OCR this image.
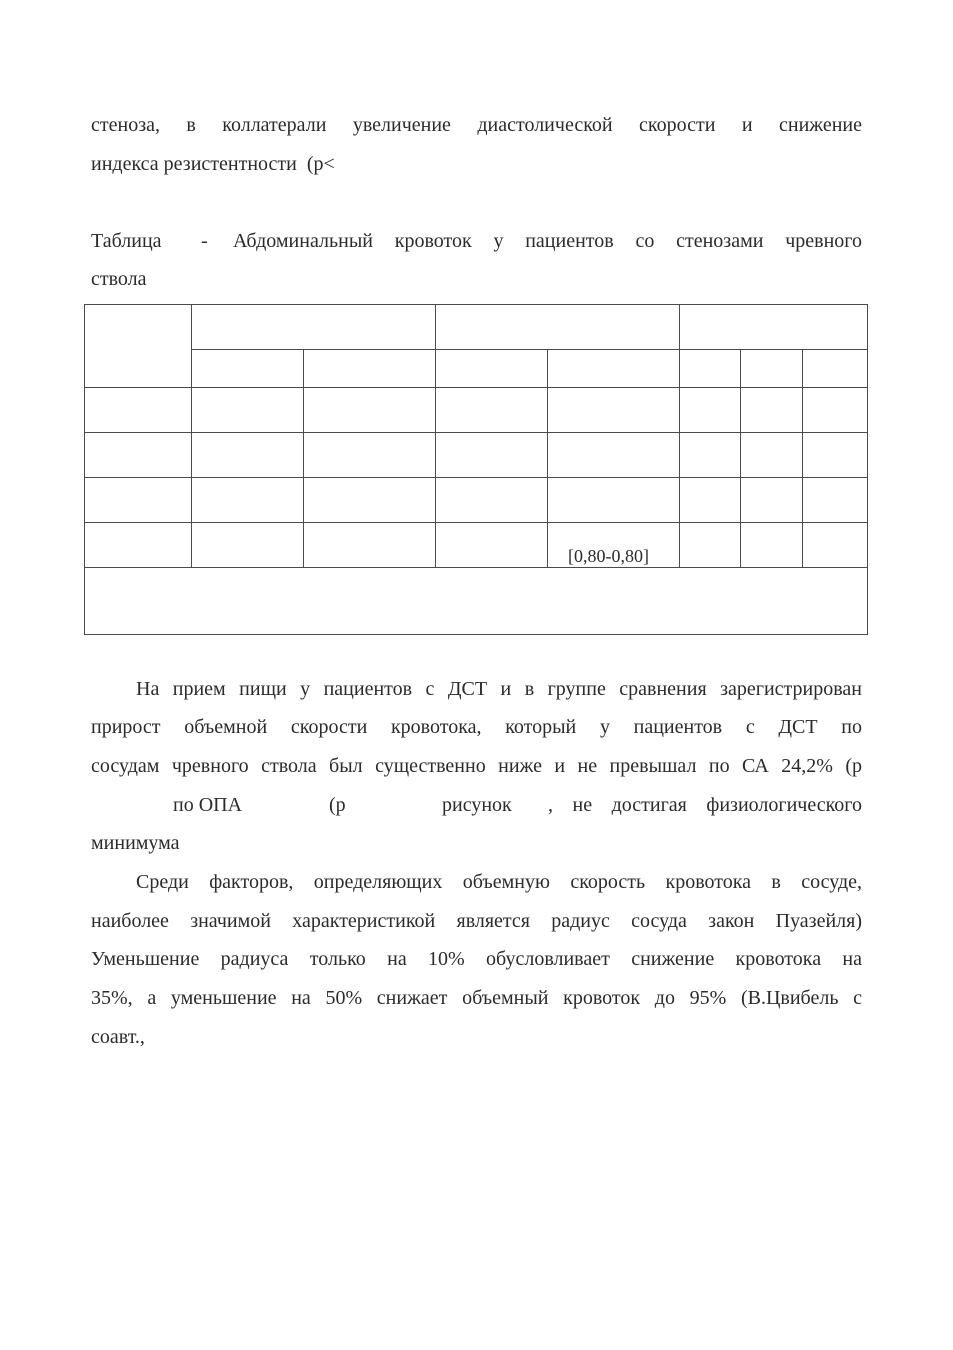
стеноза, в коллатерали увеличение диастолической скорости и снижение
индекса резистентности  (р<
Таблица - Абдоминальный кровоток у пациентов со стенозами чревного
ствола
[0,80-0,80]
На прием пищи у пациентов с ДСТ и в группе сравнения зарегистрирован
прирост объемной скорости кровотока, который у пациентов с ДСТ по
сосудам чревного ствола был существенно ниже и не превышал по СА 24,2% (р
по ОПА	(р	рисунок , не достигая физиологического
минимума
Среди факторов, определяющих объемную скорость кровотока в сосуде,
наиболее значимой характеристикой является радиус сосуда закон Пуазейля)
Уменьшение радиуса только на 10% обусловливает снижение кровотока на
35%, а уменьшение на 50% снижает объемный кровоток до 95% (В.Цвибель с
соавт.,
